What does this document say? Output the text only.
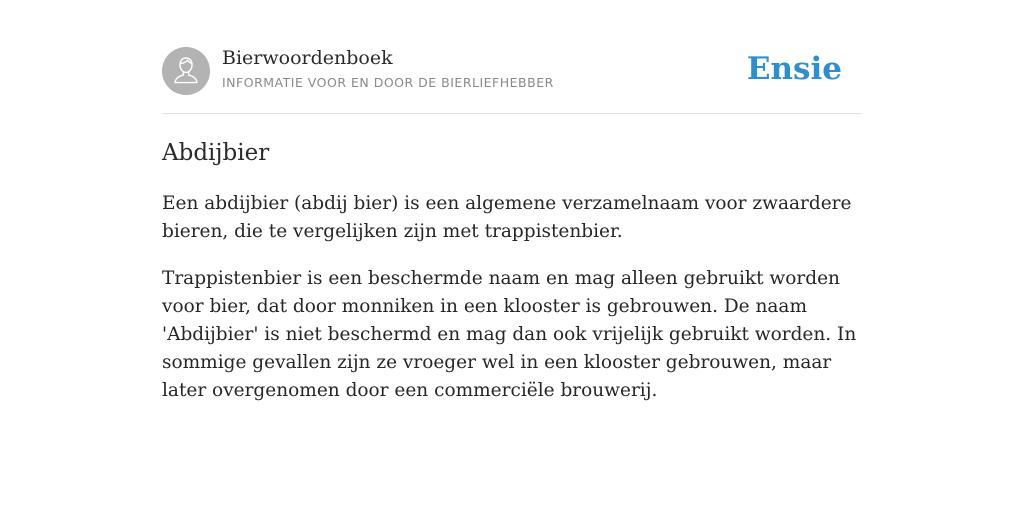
Bierwoordenboek
INFORMATIE VOOR EN DOOR DE BIERLIEFHEBBER	Ensie
Abdijbier

Een abdijbier (abdij bier) is een algemene verzamelnaam voor zwaardere bieren, die te vergelijken zijn met trappistenbier.

Trappistenbier is een beschermde naam en mag alleen gebruikt worden voor bier, dat door monniken in een klooster is gebrouwen. De naam 'Abdijbier' is niet beschermd en mag dan ook vrijelijk gebruikt worden. In sommige gevallen zijn ze vroeger wel in een klooster gebrouwen, maar later overgenomen door een commerciële brouwerij.
